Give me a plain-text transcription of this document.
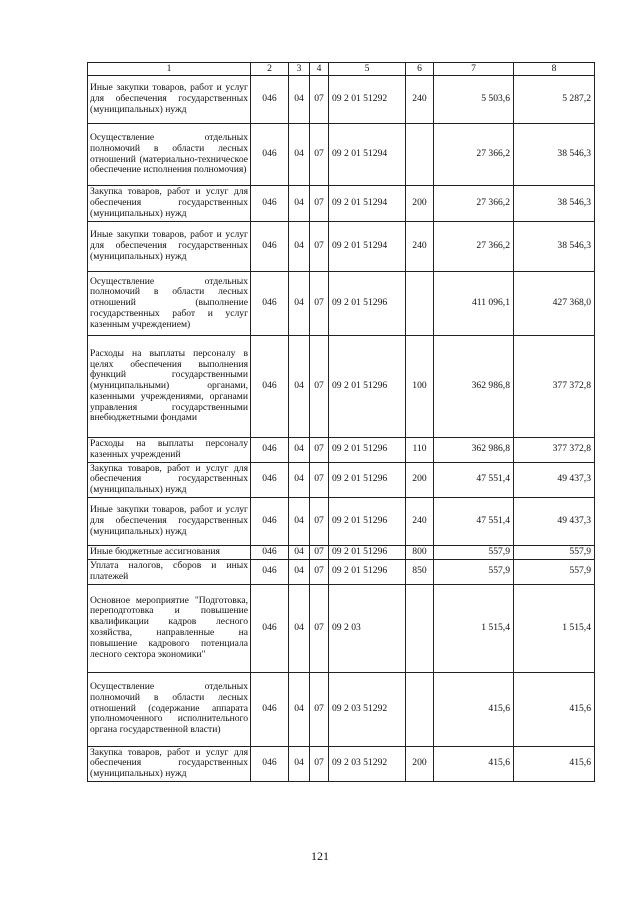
1	2	3	4	5	6	7	8
Иные закупки товаров, работ и услуг для обеспечения государственных (муниципальных) нужд	046	04	07	09 2 01 51292	240	5 503,6	5 287,2
Осуществление отдельных полномочий в области лесных отношений (материально-техническое обеспечение исполнения полномочия)	046	04	07	09 2 01 51294		27 366,2	38 546,3
Закупка товаров, работ и услуг для обеспечения государственных (муниципальных) нужд	046	04	07	09 2 01 51294	200	27 366,2	38 546,3
Иные закупки товаров, работ и услуг для обеспечения государственных (муниципальных) нужд	046	04	07	09 2 01 51294	240	27 366,2	38 546,3
Осуществление отдельных полномочий в области лесных отношений (выполнение государственных работ и услуг казенным учреждением)	046	04	07	09 2 01 51296		411 096,1	427 368,0
Расходы на выплаты персоналу в целях обеспечения выполнения функций государственными (муниципальными) органами, казенными учреждениями, органами управления государственными внебюджетными фондами	046	04	07	09 2 01 51296	100	362 986,8	377 372,8
Расходы на выплаты персоналу казенных учреждений	046	04	07	09 2 01 51296	110	362 986,8	377 372,8
Закупка товаров, работ и услуг для обеспечения государственных (муниципальных) нужд	046	04	07	09 2 01 51296	200	47 551,4	49 437,3
Иные закупки товаров, работ и услуг для обеспечения государственных (муниципальных) нужд	046	04	07	09 2 01 51296	240	47 551,4	49 437,3
Иные бюджетные ассигнования	046	04	07	09 2 01 51296	800	557,9	557,9
Уплата налогов, сборов и иных платежей	046	04	07	09 2 01 51296	850	557,9	557,9
Основное мероприятие "Подготовка, переподготовка и повышение квалификации кадров лесного хозяйства, направленные на повышение кадрового потенциала лесного сектора экономики"	046	04	07	09 2 03		1 515,4	1 515,4
Осуществление отдельных полномочий в области лесных отношений (содержание аппарата уполномоченного исполнительного органа государственной власти)	046	04	07	09 2 03 51292		415,6	415,6
Закупка товаров, работ и услуг для обеспечения государственных (муниципальных) нужд	046	04	07	09 2 03 51292	200	415,6	415,6
121
